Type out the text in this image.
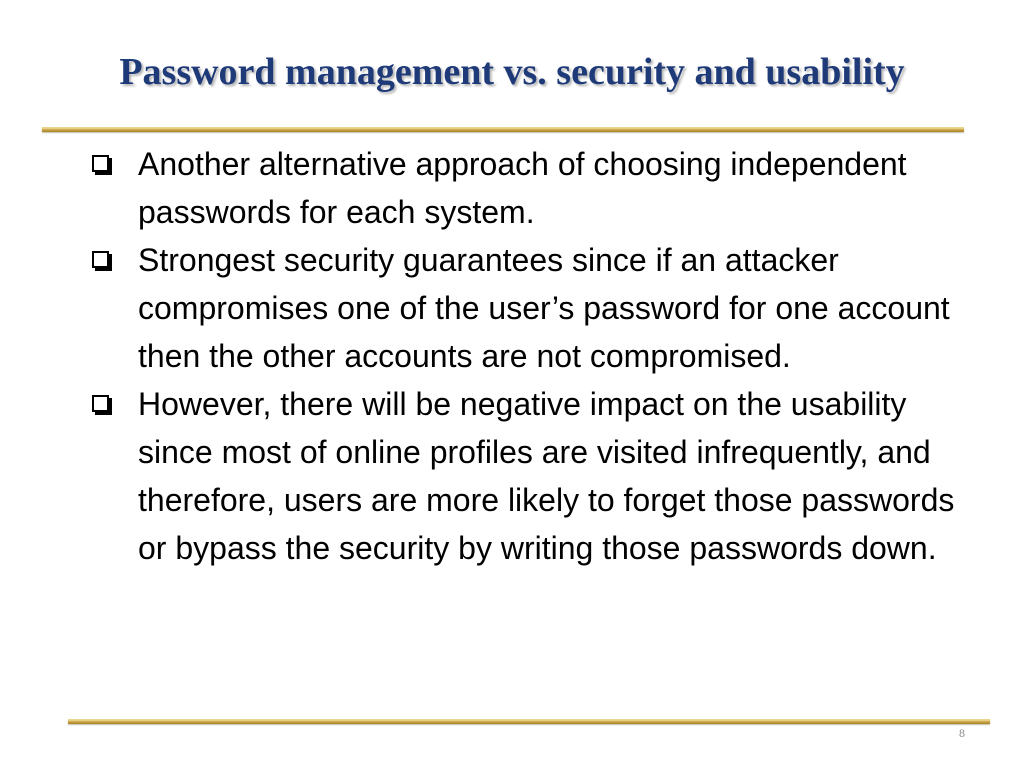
Password management vs. security and usability
Another alternative approach of choosing independent passwords for each system.
Strongest security guarantees since if an attacker compromises one of the user’s password for one account then the other accounts are not compromised.
However, there will be negative impact on the usability since most of online profiles are visited infrequently, and therefore, users are more likely to forget those passwords or bypass the security by writing those passwords down.
8
